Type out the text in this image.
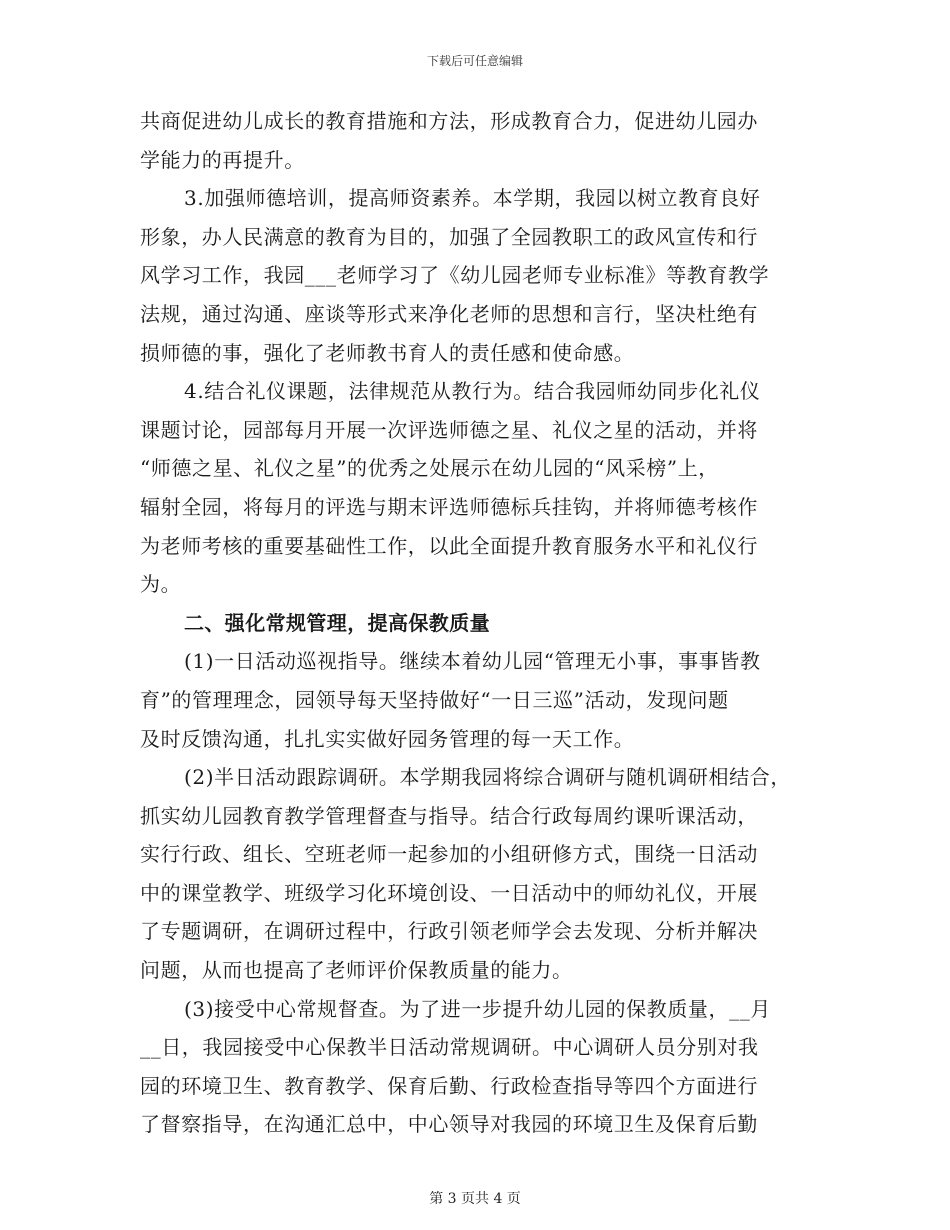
下载后可任意编辑
共商促进幼儿成长的教育措施和方法，形成教育合力，促进幼儿园办
学能力的再提升。
3.加强师德培训，提高师资素养。本学期，我园以树立教育良好
形象，办人民满意的教育为目的，加强了全园教职工的政风宣传和行
风学习工作，我园___老师学习了《幼儿园老师专业标准》等教育教学
法规，通过沟通、座谈等形式来净化老师的思想和言行，坚决杜绝有
损师德的事，强化了老师教书育人的责任感和使命感。
4.结合礼仪课题，法律规范从教行为。结合我园师幼同步化礼仪
课题讨论，园部每月开展一次评选师德之星、礼仪之星的活动，并将
“师德之星、礼仪之星”的优秀之处展示在幼儿园的“风采榜”上，
辐射全园，将每月的评选与期末评选师德标兵挂钩，并将师德考核作
为老师考核的重要基础性工作，以此全面提升教育服务水平和礼仪行
为。
二、强化常规管理，提高保教质量
(1)一日活动巡视指导。继续本着幼儿园“管理无小事，事事皆教
育”的管理理念，园领导每天坚持做好“一日三巡”活动，发现问题
及时反馈沟通，扎扎实实做好园务管理的每一天工作。
(2)半日活动跟踪调研。本学期我园将综合调研与随机调研相结合，
抓实幼儿园教育教学管理督查与指导。结合行政每周约课听课活动，
实行行政、组长、空班老师一起参加的小组研修方式，围绕一日活动
中的课堂教学、班级学习化环境创设、一日活动中的师幼礼仪，开展
了专题调研，在调研过程中，行政引领老师学会去发现、分析并解决
问题，从而也提高了老师评价保教质量的能力。
(3)接受中心常规督查。为了进一步提升幼儿园的保教质量，__月
__日，我园接受中心保教半日活动常规调研。中心调研人员分别对我
园的环境卫生、教育教学、保育后勤、行政检查指导等四个方面进行
了督察指导，在沟通汇总中，中心领导对我园的环境卫生及保育后勤
第 3 页共 4 页
